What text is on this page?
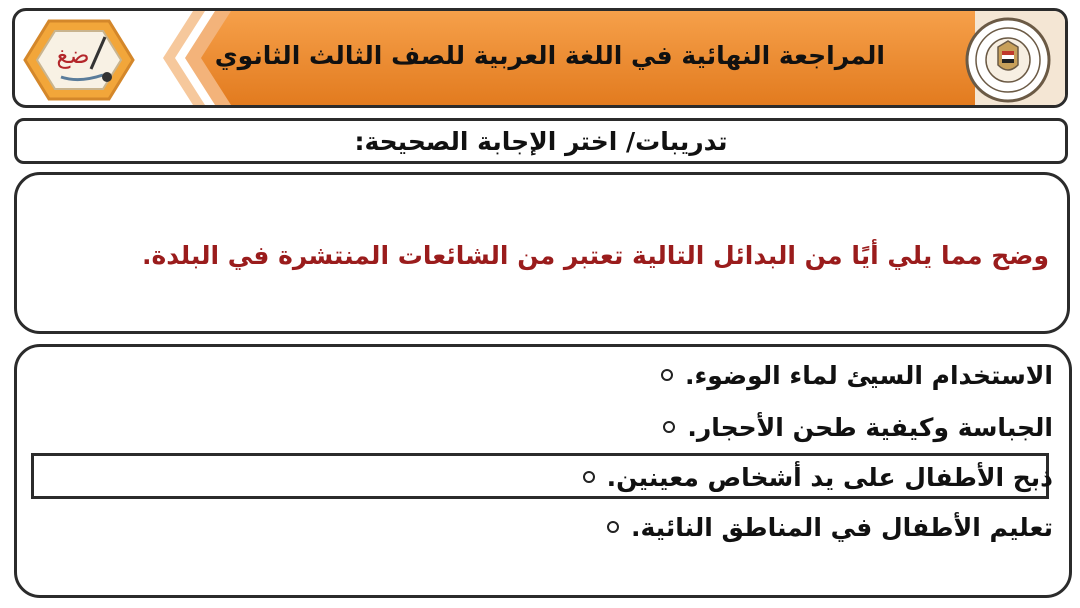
ضغ	المراجعة النهائية في اللغة العربية للصف الثالث الثانوي
تدريبات/ اختر الإجابة الصحيحة:
وضح مما يلي أيًا من البدائل التالية تعتبر من الشائعات المنتشرة في البلدة.
الاستخدام السيئ لماء الوضوء.
الجباسة وكيفية طحن الأحجار.
ذبح الأطفال على يد أشخاص معينين.
تعليم الأطفال في المناطق النائية.
